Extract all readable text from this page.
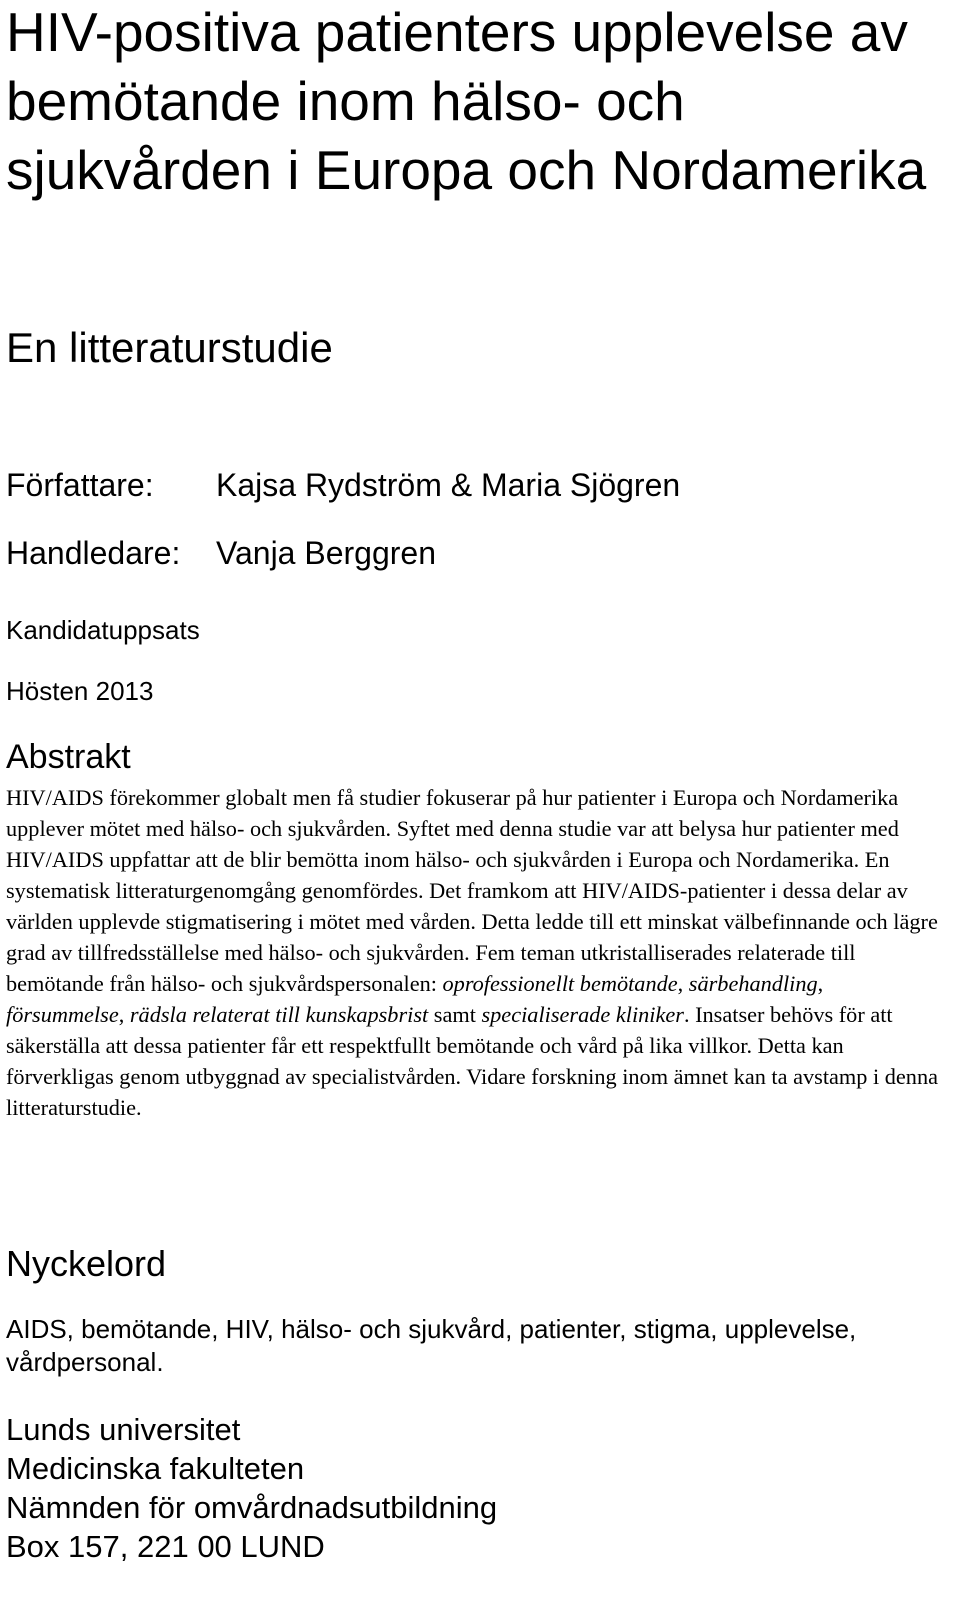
HIV-positiva patienters upplevelse av bemötande inom hälso- och sjukvården i Europa och Nordamerika
En litteraturstudie
Författare: Kajsa Rydström & Maria Sjögren
Handledare: Vanja Berggren
Kandidatuppsats
Hösten 2013
Abstrakt

HIV/AIDS förekommer globalt men få studier fokuserar på hur patienter i Europa och Nordamerika upplever mötet med hälso- och sjukvården. Syftet med denna studie var att belysa hur patienter med HIV/AIDS uppfattar att de blir bemötta inom hälso- och sjukvården i Europa och Nordamerika. En systematisk litteraturgenomgång genomfördes. Det framkom att HIV/AIDS-patienter i dessa delar av världen upplevde stigmatisering i mötet med vården. Detta ledde till ett minskat välbefinnande och lägre grad av tillfredsställelse med hälso- och sjukvården. Fem teman utkristalliserades relaterade till bemötande från hälso- och sjukvårdspersonalen: oprofessionellt bemötande, särbehandling, försummelse, rädsla relaterat till kunskapsbrist samt specialiserade kliniker. Insatser behövs för att säkerställa att dessa patienter får ett respektfullt bemötande och vård på lika villkor. Detta kan förverkligas genom utbyggnad av specialistvården. Vidare forskning inom ämnet kan ta avstamp i denna litteraturstudie.

Nyckelord

AIDS, bemötande, HIV, hälso- och sjukvård, patienter, stigma, upplevelse, vårdpersonal.

Lunds universitet
Medicinska fakulteten
Nämnden för omvårdnadsutbildning
Box 157, 221 00 LUND
